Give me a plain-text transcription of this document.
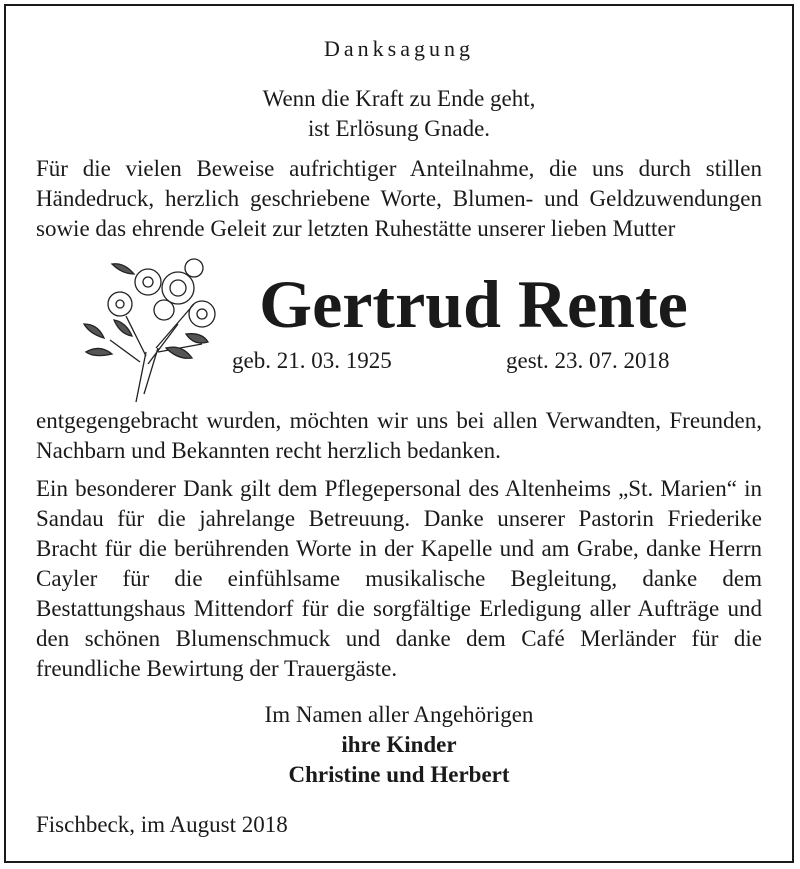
Danksagung
Wenn die Kraft zu Ende geht,
ist Erlösung Gnade.
Für die vielen Beweise aufrichtiger Anteilnahme, die uns durch stillen Händedruck, herzlich geschriebene Worte, Blumen- und Geldzuwendungen sowie das ehrende Geleit zur letzten Ruhestätte unserer lieben Mutter
Gertrud Rente
geb. 21. 03. 1925	gest. 23. 07. 2018
entgegengebracht wurden, möchten wir uns bei allen Verwandten, Freunden, Nachbarn und Bekannten recht herzlich bedanken.
Ein besonderer Dank gilt dem Pflegepersonal des Altenheims „St. Marien“ in Sandau für die jahrelange Betreuung. Danke unserer Pastorin Friederike Bracht für die berührenden Worte in der Kapelle und am Grabe, danke Herrn Cayler für die einfühlsame musikalische Begleitung, danke dem Bestattungshaus Mittendorf für die sorgfältige Erledigung aller Aufträge und den schönen Blumenschmuck und danke dem Café Merländer für die freundliche Bewirtung der Trauergäste.
Im Namen aller Angehörigen
ihre Kinder
Christine und Herbert
Fischbeck, im August 2018
